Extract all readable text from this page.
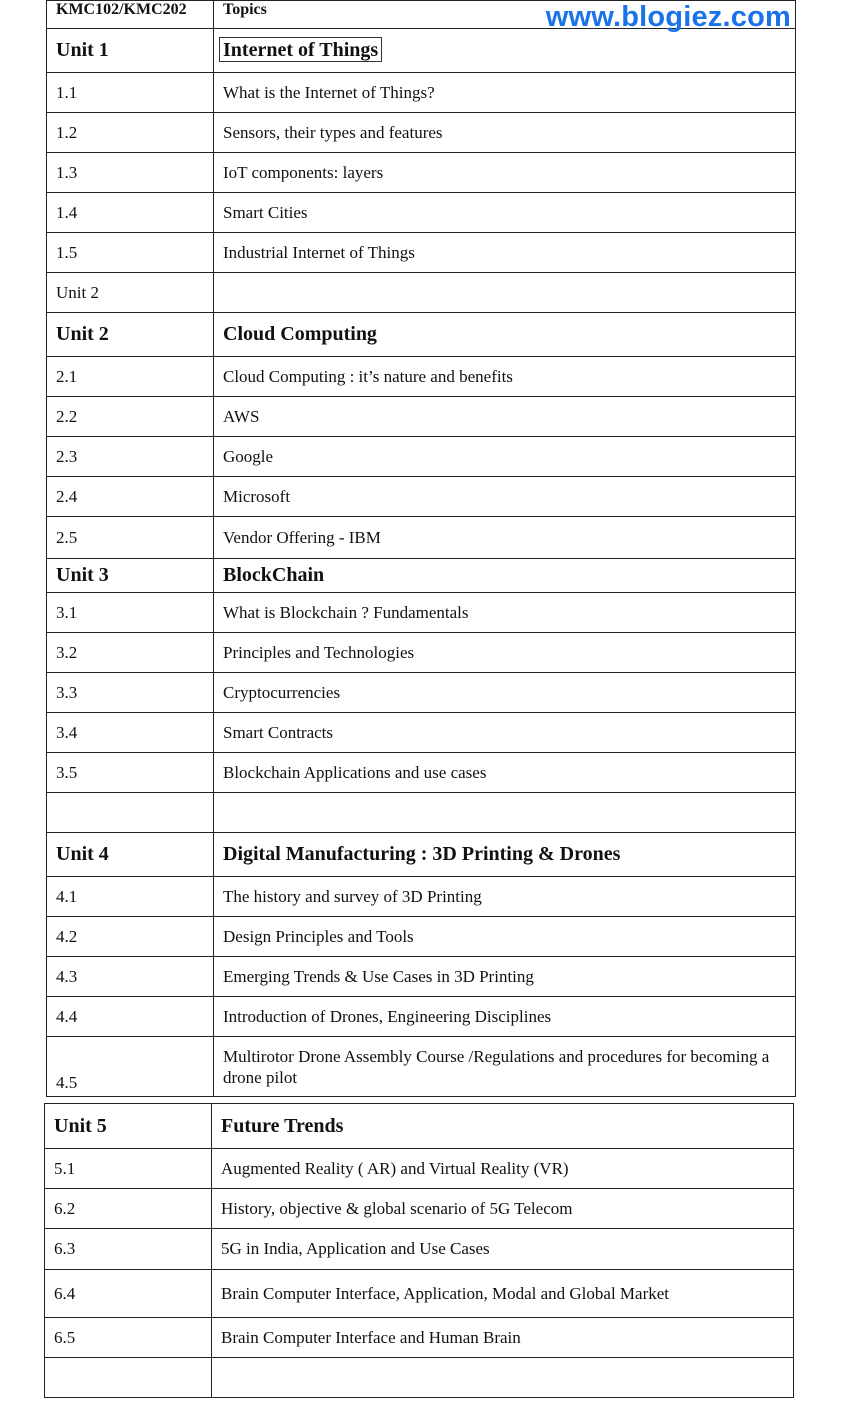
www.blogiez.com
KMC102/KMC202	Topics
Unit 1	Internet of Things
1.1	What is the Internet of Things?
1.2	Sensors, their types and features
1.3	IoT components: layers
1.4	Smart Cities
1.5	Industrial Internet of Things
Unit 2	
Unit 2	Cloud Computing
2.1	Cloud Computing : it’s nature and benefits
2.2	AWS
2.3	Google
2.4	Microsoft
2.5	Vendor Offering - IBM
Unit 3	BlockChain
3.1	What is Blockchain ? Fundamentals
3.2	Principles and Technologies
3.3	Cryptocurrencies
3.4	Smart Contracts
3.5	Blockchain Applications and use cases

Unit 4	Digital Manufacturing : 3D Printing & Drones
4.1	The history and survey of 3D Printing
4.2	Design Principles and Tools
4.3	Emerging Trends & Use Cases in 3D Printing
4.4	Introduction of Drones, Engineering Disciplines
4.5	Multirotor Drone Assembly Course /Regulations and procedures for becoming a drone pilot
Unit 5	Future Trends
5.1	Augmented Reality ( AR) and Virtual Reality (VR)
6.2	History, objective & global scenario of 5G Telecom
6.3	5G in India, Application and Use Cases
6.4	Brain Computer Interface, Application, Modal and Global Market
6.5	Brain Computer Interface and Human Brain
